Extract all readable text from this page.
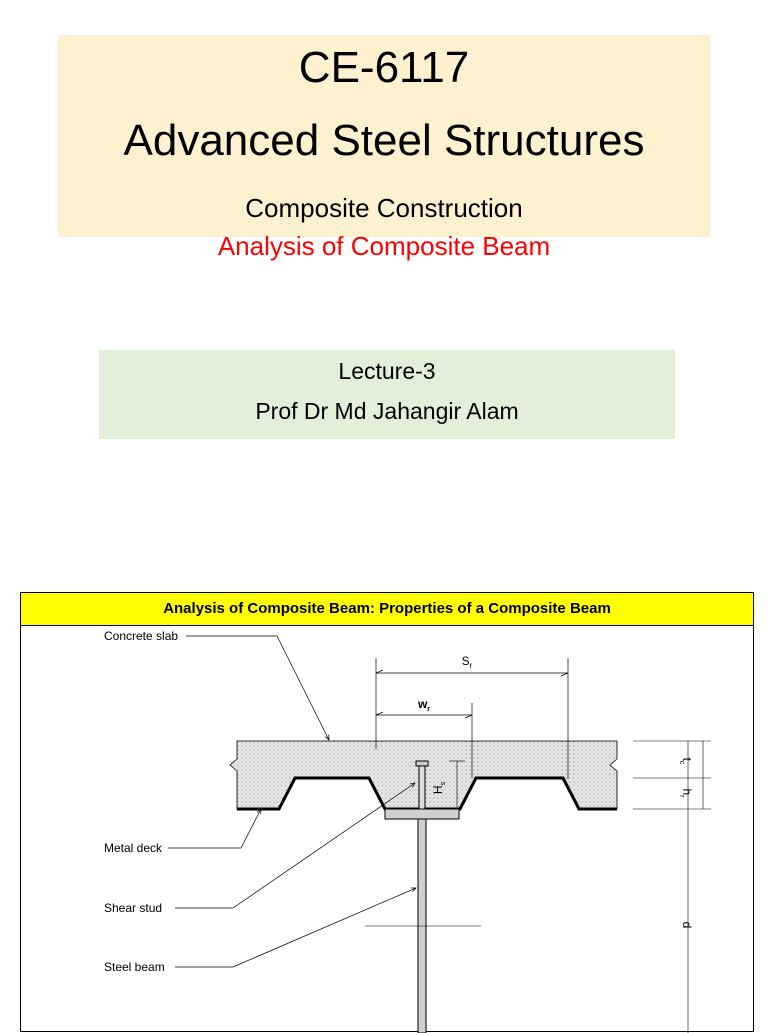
CE-6117
Advanced Steel Structures
Composite Construction
Analysis of Composite Beam
Lecture-3
Prof Dr Md Jahangir Alam
Analysis of Composite Beam: Properties of a Composite Beam
$S_r$
$w_r$
$H_s$
$t_c$
$h_r$
d
Concrete slab
Metal deck
Shear stud
Steel beam
